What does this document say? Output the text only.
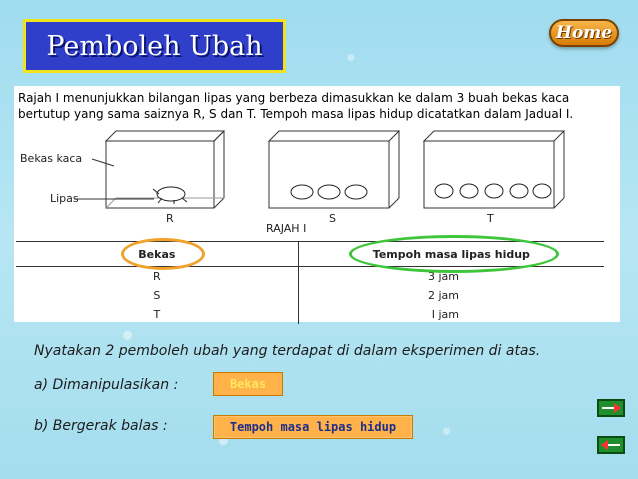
Pemboleh Ubah	Home
Rajah I menunjukkan bilangan lipas yang berbeza dimasukkan ke dalam 3 buah bekas kaca
bertutup yang sama saiznya R, S dan T. Tempoh masa lipas hidup dicatatkan dalam Jadual I.
R	S	T
Bekas kaca
Lipas
RAJAH I
Bekas	Tempoh masa lipas hidup
R	3 jam
S	2 jam
T	I jam
Nyatakan 2 pemboleh ubah yang terdapat di dalam eksperimen di atas.
a) Dimanipulasikan :	Bekas
b) Bergerak balas :	Tempoh masa lipas hidup
